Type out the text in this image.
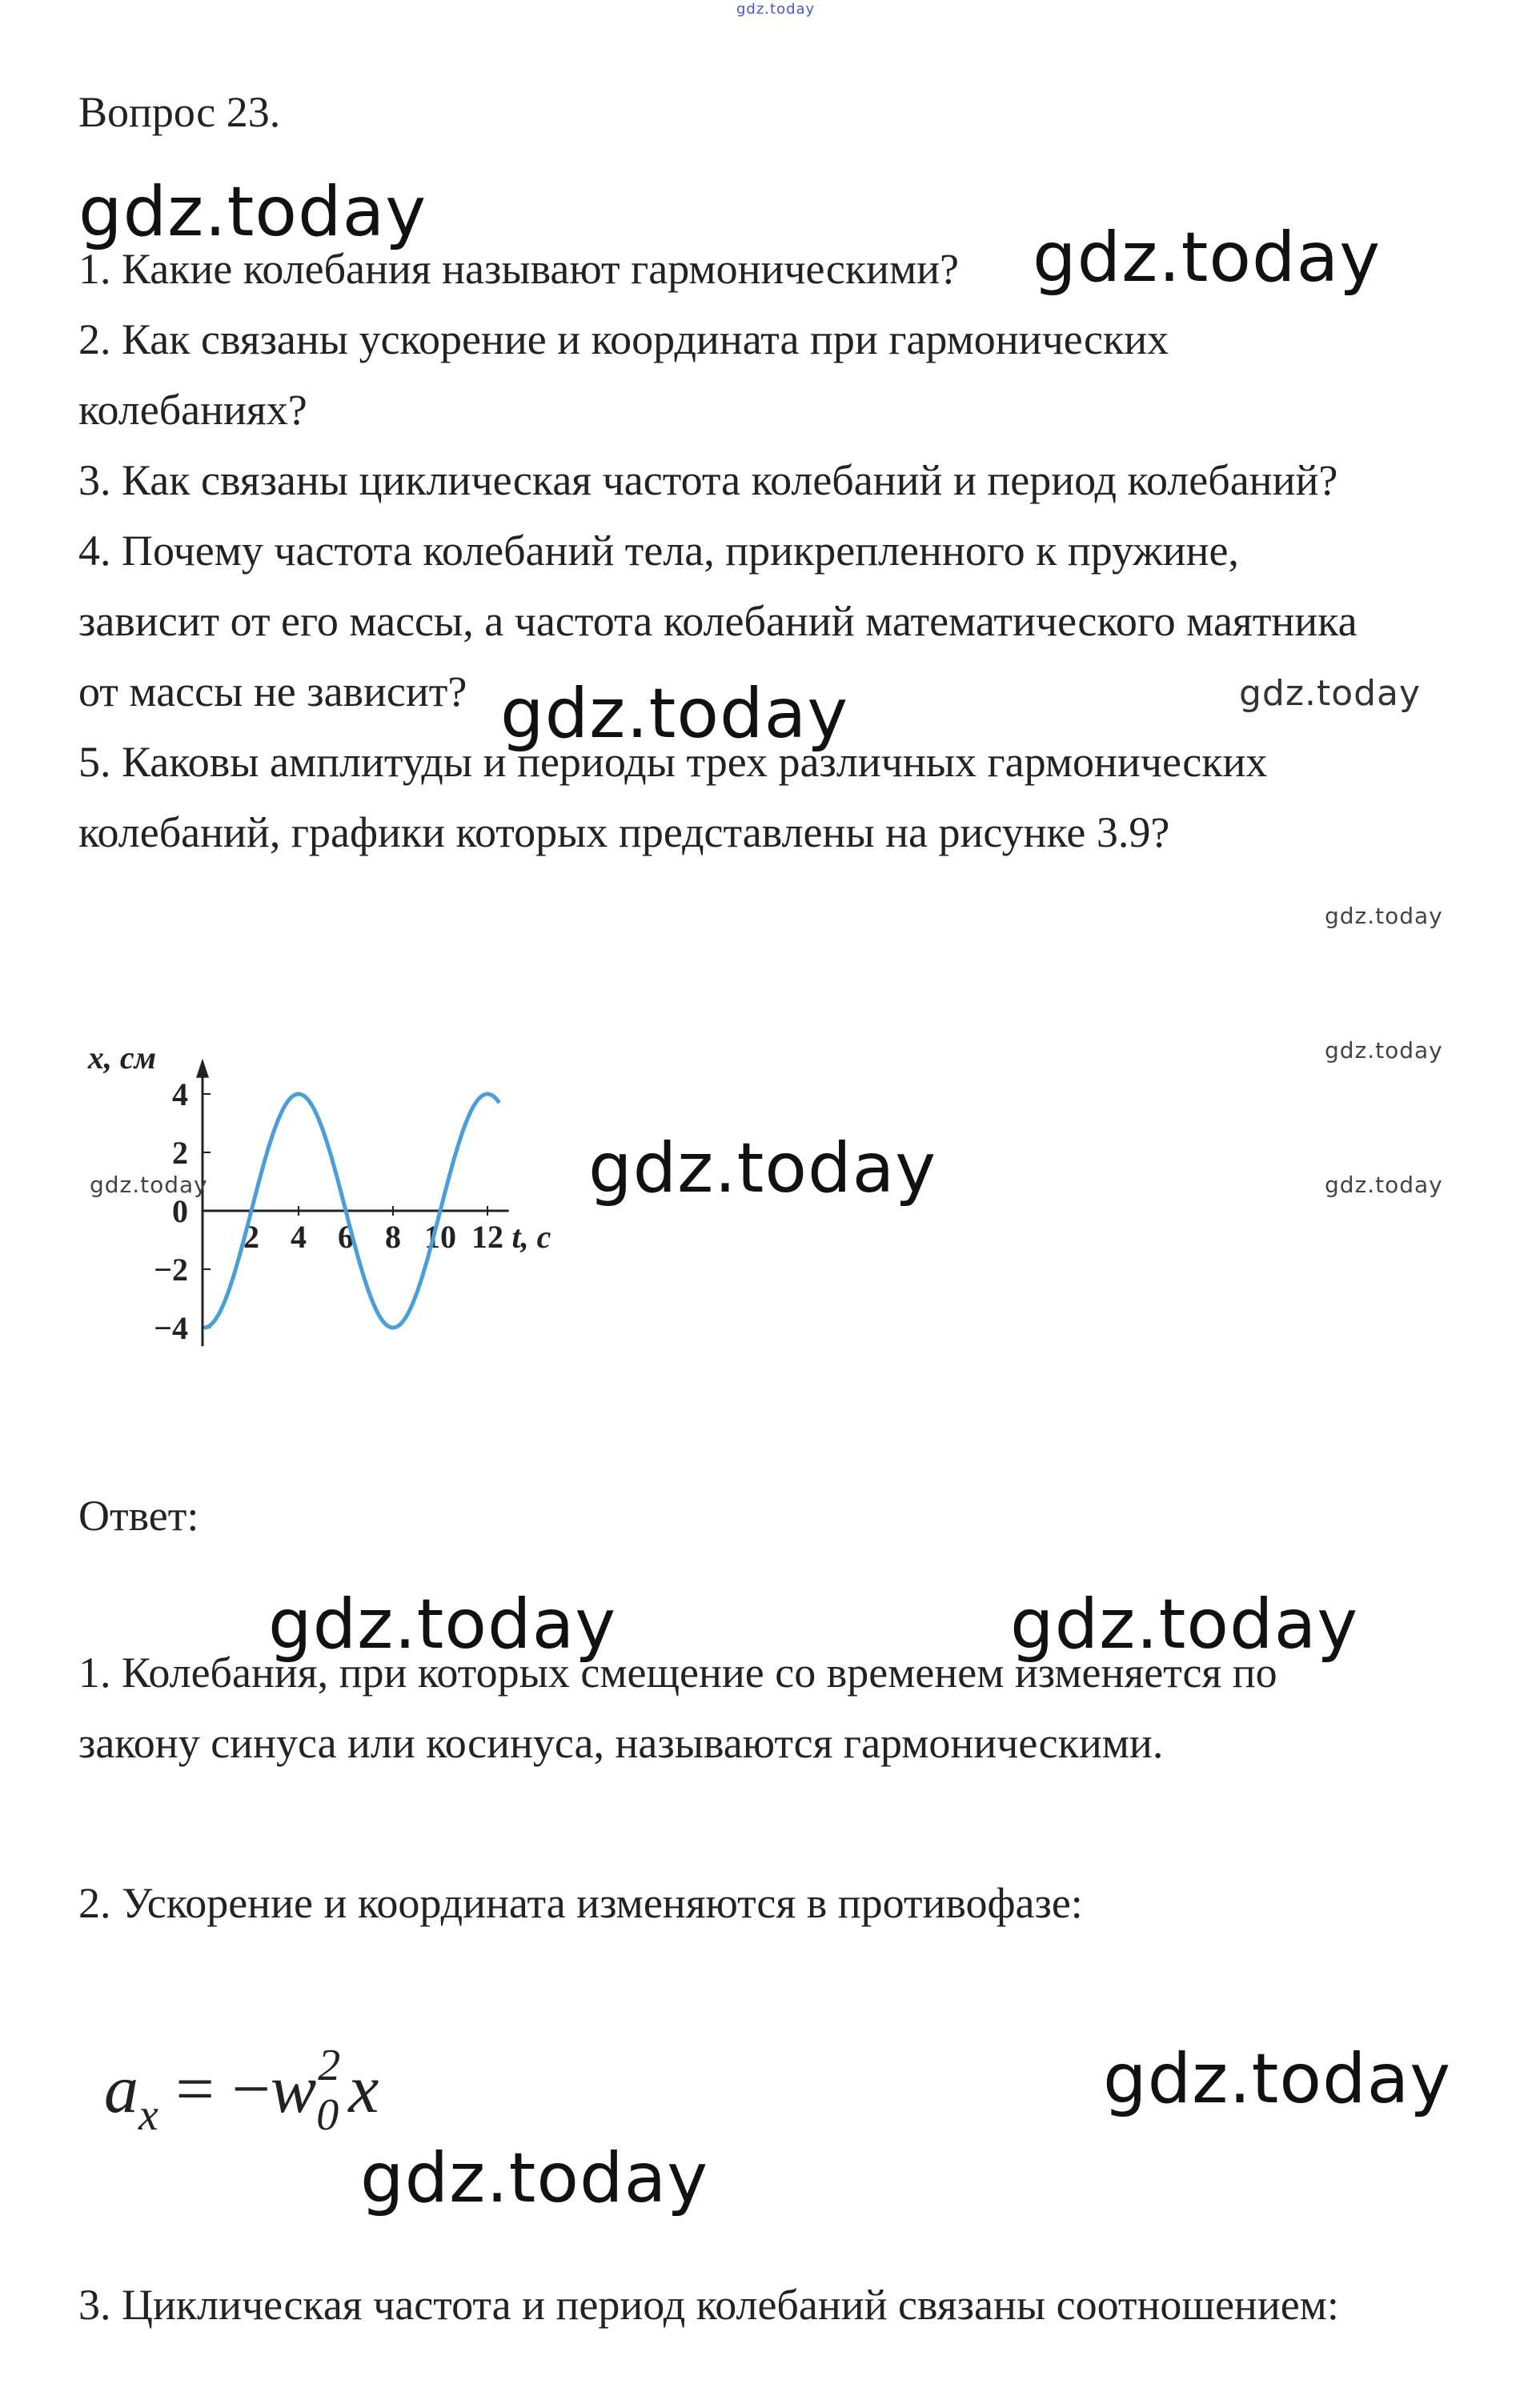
gdz.today
Вопрос 23.
1. Какие колебания называют гармоническими?
2. Как связаны ускорение и координата при гармонических
колебаниях?
3. Как связаны циклическая частота колебаний и период колебаний?
4. Почему частота колебаний тела, прикрепленного к пружине,
зависит от его массы, а частота колебаний математического маятника
от массы не зависит?
5. Каковы амплитуды и периоды трех различных гармонических
колебаний, графики которых представлены на рисунке 3.9?
4
2
0
−2
−4
2 4 6 8 10 12
x, см
t, c
Ответ:
1. Колебания, при которых смещение со временем изменяется по
закону синуса или косинуса, называются гармоническими.
2. Ускорение и координата изменяются в противофазе:
$a_x = -w_0^2$ x
3. Циклическая частота и период колебаний связаны соотношением:
gdz.today
gdz.today
gdz.today
gdz.today
gdz.today	gdz.today
gdz.today
gdz.today
gdz.today
gdz.today
gdz.today
gdz.today
gdz.today
